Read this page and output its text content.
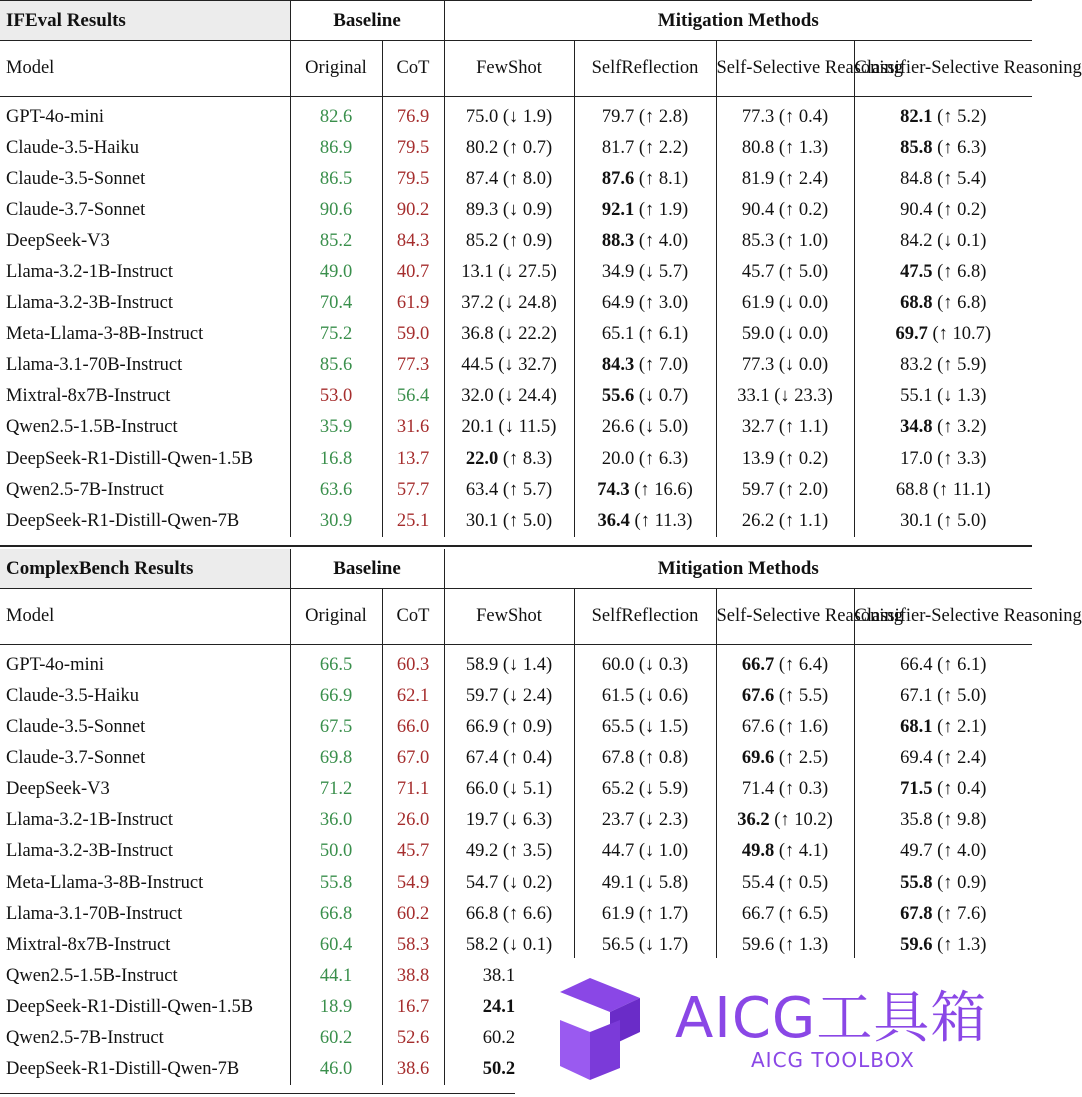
IFEval Results	Baseline		Mitigation Methods			
Model	Original	CoT	FewShot	SelfReflection	Self-Selective Reasoning	Classifier-Selective Reasoning

GPT-4o-mini	82.6	76.9	75.0 (↓ 1.9)	79.7 (↑ 2.8)	77.3 (↑ 0.4)	82.1 (↑ 5.2)
Claude-3.5-Haiku	86.9	79.5	80.2 (↑ 0.7)	81.7 (↑ 2.2)	80.8 (↑ 1.3)	85.8 (↑ 6.3)
Claude-3.5-Sonnet	86.5	79.5	87.4 (↑ 8.0)	87.6 (↑ 8.1)	81.9 (↑ 2.4)	84.8 (↑ 5.4)
Claude-3.7-Sonnet	90.6	90.2	89.3 (↓ 0.9)	92.1 (↑ 1.9)	90.4 (↑ 0.2)	90.4 (↑ 0.2)
DeepSeek-V3	85.2	84.3	85.2 (↑ 0.9)	88.3 (↑ 4.0)	85.3 (↑ 1.0)	84.2 (↓ 0.1)
Llama-3.2-1B-Instruct	49.0	40.7	13.1 (↓ 27.5)	34.9 (↓ 5.7)	45.7 (↑ 5.0)	47.5 (↑ 6.8)
Llama-3.2-3B-Instruct	70.4	61.9	37.2 (↓ 24.8)	64.9 (↑ 3.0)	61.9 (↓ 0.0)	68.8 (↑ 6.8)
Meta-Llama-3-8B-Instruct	75.2	59.0	36.8 (↓ 22.2)	65.1 (↑ 6.1)	59.0 (↓ 0.0)	69.7 (↑ 10.7)
Llama-3.1-70B-Instruct	85.6	77.3	44.5 (↓ 32.7)	84.3 (↑ 7.0)	77.3 (↓ 0.0)	83.2 (↑ 5.9)
Mixtral-8x7B-Instruct	53.0	56.4	32.0 (↓ 24.4)	55.6 (↓ 0.7)	33.1 (↓ 23.3)	55.1 (↓ 1.3)
Qwen2.5-1.5B-Instruct	35.9	31.6	20.1 (↓ 11.5)	26.6 (↓ 5.0)	32.7 (↑ 1.1)	34.8 (↑ 3.2)
DeepSeek-R1-Distill-Qwen-1.5B	16.8	13.7	22.0 (↑ 8.3)	20.0 (↑ 6.3)	13.9 (↑ 0.2)	17.0 (↑ 3.3)
Qwen2.5-7B-Instruct	63.6	57.7	63.4 (↑ 5.7)	74.3 (↑ 16.6)	59.7 (↑ 2.0)	68.8 (↑ 11.1)
DeepSeek-R1-Distill-Qwen-7B	30.9	25.1	30.1 (↑ 5.0)	36.4 (↑ 11.3)	26.2 (↑ 1.1)	30.1 (↑ 5.0)
ComplexBench Results	Baseline		Mitigation Methods			
Model	Original	CoT	FewShot	SelfReflection	Self-Selective Reasoning	Classifier-Selective Reasoning

GPT-4o-mini	66.5	60.3	58.9 (↓ 1.4)	60.0 (↓ 0.3)	66.7 (↑ 6.4)	66.4 (↑ 6.1)
Claude-3.5-Haiku	66.9	62.1	59.7 (↓ 2.4)	61.5 (↓ 0.6)	67.6 (↑ 5.5)	67.1 (↑ 5.0)
Claude-3.5-Sonnet	67.5	66.0	66.9 (↑ 0.9)	65.5 (↓ 1.5)	67.6 (↑ 1.6)	68.1 (↑ 2.1)
Claude-3.7-Sonnet	69.8	67.0	67.4 (↑ 0.4)	67.8 (↑ 0.8)	69.6 (↑ 2.5)	69.4 (↑ 2.4)
DeepSeek-V3	71.2	71.1	66.0 (↓ 5.1)	65.2 (↓ 5.9)	71.4 (↑ 0.3)	71.5 (↑ 0.4)
Llama-3.2-1B-Instruct	36.0	26.0	19.7 (↓ 6.3)	23.7 (↓ 2.3)	36.2 (↑ 10.2)	35.8 (↑ 9.8)
Llama-3.2-3B-Instruct	50.0	45.7	49.2 (↑ 3.5)	44.7 (↓ 1.0)	49.8 (↑ 4.1)	49.7 (↑ 4.0)
Meta-Llama-3-8B-Instruct	55.8	54.9	54.7 (↓ 0.2)	49.1 (↓ 5.8)	55.4 (↑ 0.5)	55.8 (↑ 0.9)
Llama-3.1-70B-Instruct	66.8	60.2	66.8 (↑ 6.6)	61.9 (↑ 1.7)	66.7 (↑ 6.5)	67.8 (↑ 7.6)
Mixtral-8x7B-Instruct	60.4	58.3	58.2 (↓ 0.1)	56.5 (↓ 1.7)	59.6 (↑ 1.3)	59.6 (↑ 1.3)
Qwen2.5-1.5B-Instruct	44.1	38.8	38.1			
DeepSeek-R1-Distill-Qwen-1.5B	18.9	16.7	24.1			
Qwen2.5-7B-Instruct	60.2	52.6	60.2			
DeepSeek-R1-Distill-Qwen-7B	46.0	38.6	50.2			
AICG工具箱
AICG TOOLBOX
